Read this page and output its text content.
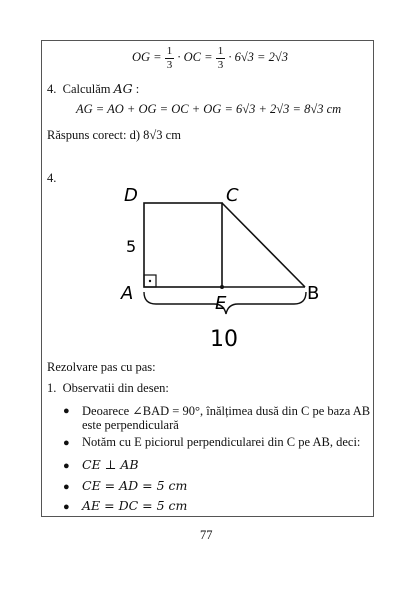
OG = $\frac{1}{3}$ · OC = $\frac{1}{3} \cdot 6√3 = 2√3$
4. Calculăm AG :
AG = AO + OG = OC + OG = 6√3 + 2√3 = 8√3 cm
Răspuns corect: d) 8√3 cm
4.
D	C
A	E	B
5
10
Rezolvare pas cu pas:
1. Observatii din desen:
● Deoarece ∠BAD = 90°, înălțimea dusă din C pe baza AB
este perpendiculară
● Notăm cu E piciorul perpendicularei din C pe AB, deci:
● CE ⊥ AB
● CE = AD = 5 cm
● AE = DC = 5 cm
77
